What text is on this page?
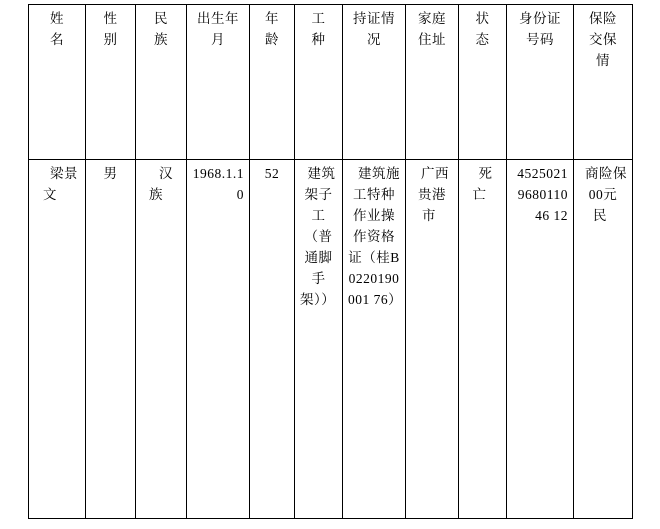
姓名	性别	民族	出生年月	年龄	工种	持证情况	家庭住址	状态	身份证号码	保险交保情

梁景文	男	汉族	1968.1.10	52	建筑架子工（普通脚手架））	建筑施工特种作业操作资格证（桂B0220190001 76）	广西贵港市	死亡	4525021968011046 12	商险保00元民
